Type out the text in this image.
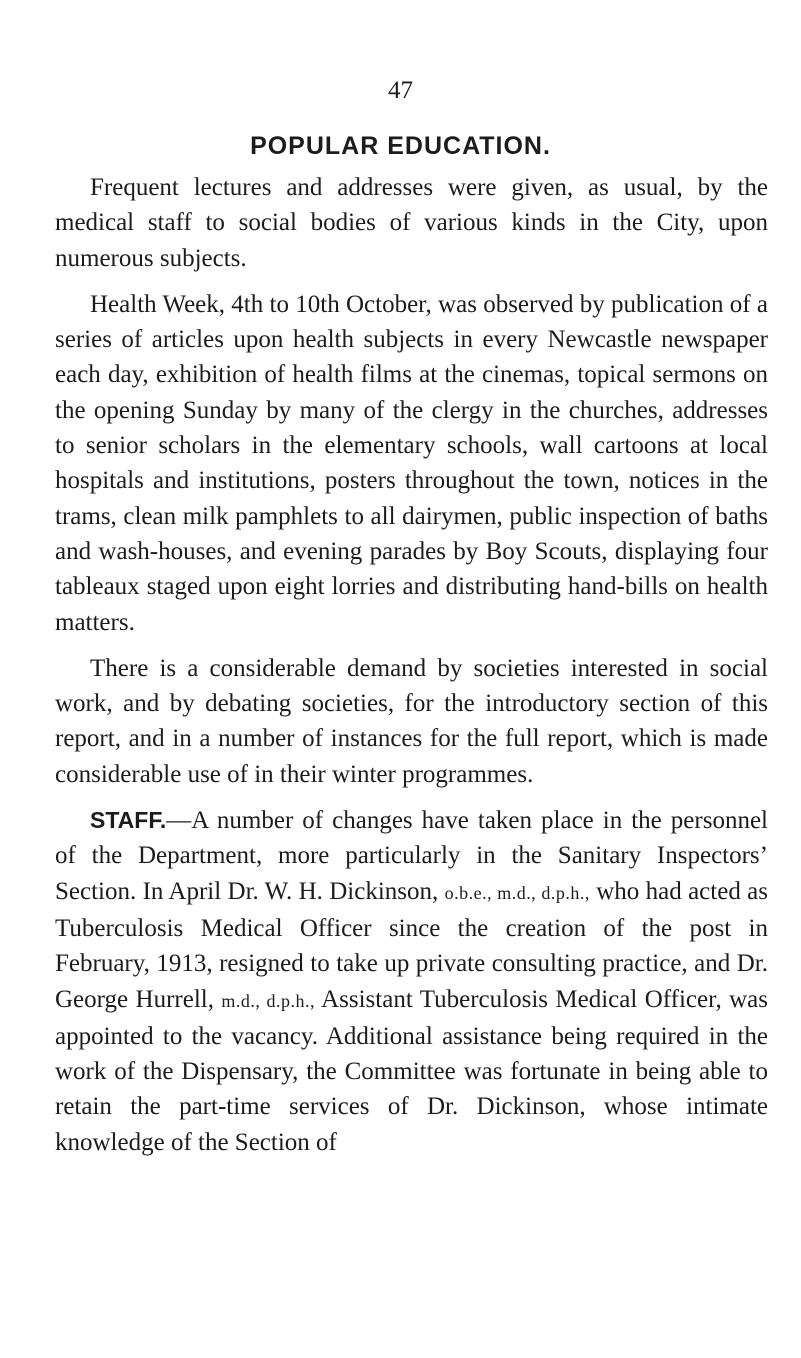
47
POPULAR EDUCATION.

Frequent lectures and addresses were given, as usual, by the medical staff to social bodies of various kinds in the City, upon numerous subjects.

Health Week, 4th to 10th October, was observed by publication of a series of articles upon health subjects in every Newcastle newspaper each day, exhibition of health films at the cinemas, topical sermons on the opening Sunday by many of the clergy in the churches, addresses to senior scholars in the elementary schools, wall cartoons at local hospitals and institutions, posters throughout the town, notices in the trams, clean milk pamphlets to all dairymen, public inspection of baths and wash-houses, and evening parades by Boy Scouts, displaying four tableaux staged upon eight lorries and distributing hand-bills on health matters.

There is a considerable demand by societies interested in social work, and by debating societies, for the introductory section of this report, and in a number of instances for the full report, which is made considerable use of in their winter programmes.

STAFF.—A number of changes have taken place in the personnel of the Department, more particularly in the Sanitary Inspectors’ Section. In April Dr. W. H. Dickinson, o.b.e., m.d., d.p.h., who had acted as Tuberculosis Medical Officer since the creation of the post in February, 1913, resigned to take up private consulting practice, and Dr. George Hurrell, m.d., d.p.h., Assistant Tuberculosis Medical Officer, was appointed to the vacancy. Additional assistance being required in the work of the Dispensary, the Committee was fortunate in being able to retain the part-time services of Dr. Dickinson, whose intimate knowledge of the Section of
